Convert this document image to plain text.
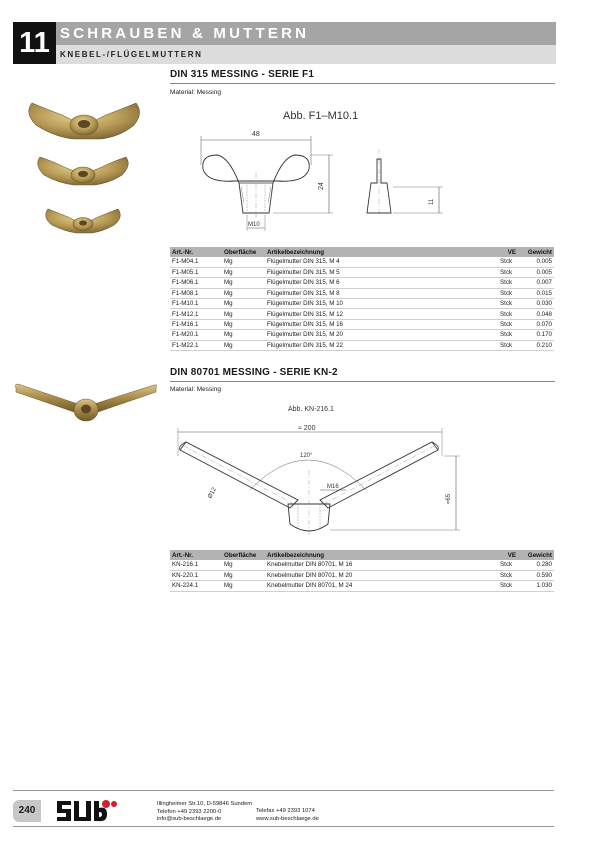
11 SCHRAUBEN & MUTTERN
KNEBEL-/FLÜGELMUTTERN
DIN 315 MESSING - SERIE F1
Material: Messing
Abb. F1–M10.1
48
24
M10
11
Art.-Nr.	Oberfläche	Artikelbezeichnung	VE	Gewicht
F1-M04.1	Mg	Flügelmutter DIN 315, M 4	Stck	0.005
F1-M05.1	Mg	Flügelmutter DIN 315, M 5	Stck	0.005
F1-M06.1	Mg	Flügelmutter DIN 315, M 6	Stck	0.007
F1-M08.1	Mg	Flügelmutter DIN 315, M 8	Stck	0.015
F1-M10.1	Mg	Flügelmutter DIN 315, M 10	Stck	0.030
F1-M12.1	Mg	Flügelmutter DIN 315, M 12	Stck	0.048
F1-M16.1	Mg	Flügelmutter DIN 315, M 16	Stck	0.070
F1-M20.1	Mg	Flügelmutter DIN 315, M 20	Stck	0.170
F1-M22.1	Mg	Flügelmutter DIN 315, M 22	Stck	0.210
DIN 80701 MESSING - SERIE KN-2
Material: Messing
Abb. KN-216.1
≈ 200
120°
M16
Ø12	≈65
Art.-Nr.	Oberfläche	Artikelbezeichnung	VE	Gewicht
KN-216.1	Mg	Knebelmutter DIN 80701, M 16	Stck	0.280
KN-220.1	Mg	Knebelmutter DIN 80701, M 20	Stck	0.590
KN-224.1	Mg	Knebelmutter DIN 80701, M 24	Stck	1.030
240
Illingheimer Str.10, D-59846 Sundern
Telefon +49 2393 2200-0
info@sub-beschlaege.de
Telefax +49 2393 1074
www.sub-beschlaege.de
